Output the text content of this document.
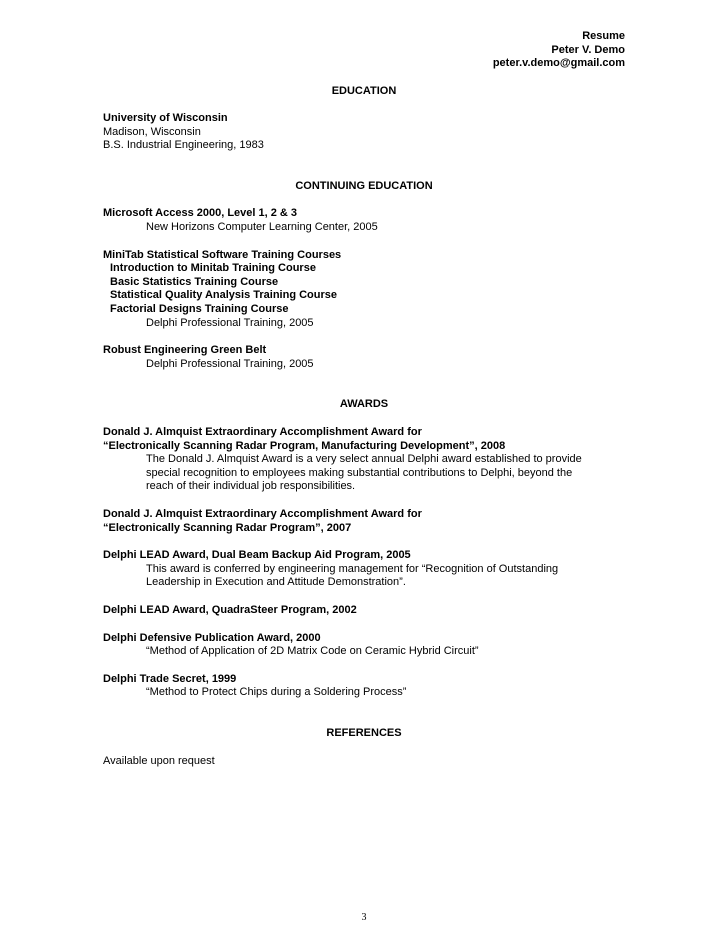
Resume
Peter V. Demo
peter.v.demo@gmail.com
EDUCATION
University of Wisconsin
Madison, Wisconsin
B.S. Industrial Engineering, 1983
CONTINUING EDUCATION
Microsoft Access 2000, Level 1, 2 & 3
New Horizons Computer Learning Center, 2005
MiniTab Statistical Software Training Courses
Introduction to Minitab Training Course
Basic Statistics Training Course
Statistical Quality Analysis Training Course
Factorial Designs Training Course
Delphi Professional Training, 2005
Robust Engineering Green Belt
Delphi Professional Training, 2005
AWARDS
Donald J. Almquist Extraordinary Accomplishment Award for
“Electronically Scanning Radar Program, Manufacturing Development”, 2008
The Donald J. Almquist Award is a very select annual Delphi award established to provide
special recognition to employees making substantial contributions to Delphi, beyond the
reach of their individual job responsibilities.
Donald J. Almquist Extraordinary Accomplishment Award for
“Electronically Scanning Radar Program”, 2007
Delphi LEAD Award, Dual Beam Backup Aid Program, 2005
This award is conferred by engineering management for “Recognition of Outstanding
Leadership in Execution and Attitude Demonstration”.
Delphi LEAD Award, QuadraSteer Program, 2002
Delphi Defensive Publication Award, 2000
“Method of Application of 2D Matrix Code on Ceramic Hybrid Circuit”
Delphi Trade Secret, 1999
“Method to Protect Chips during a Soldering Process”
REFERENCES
Available upon request
3
